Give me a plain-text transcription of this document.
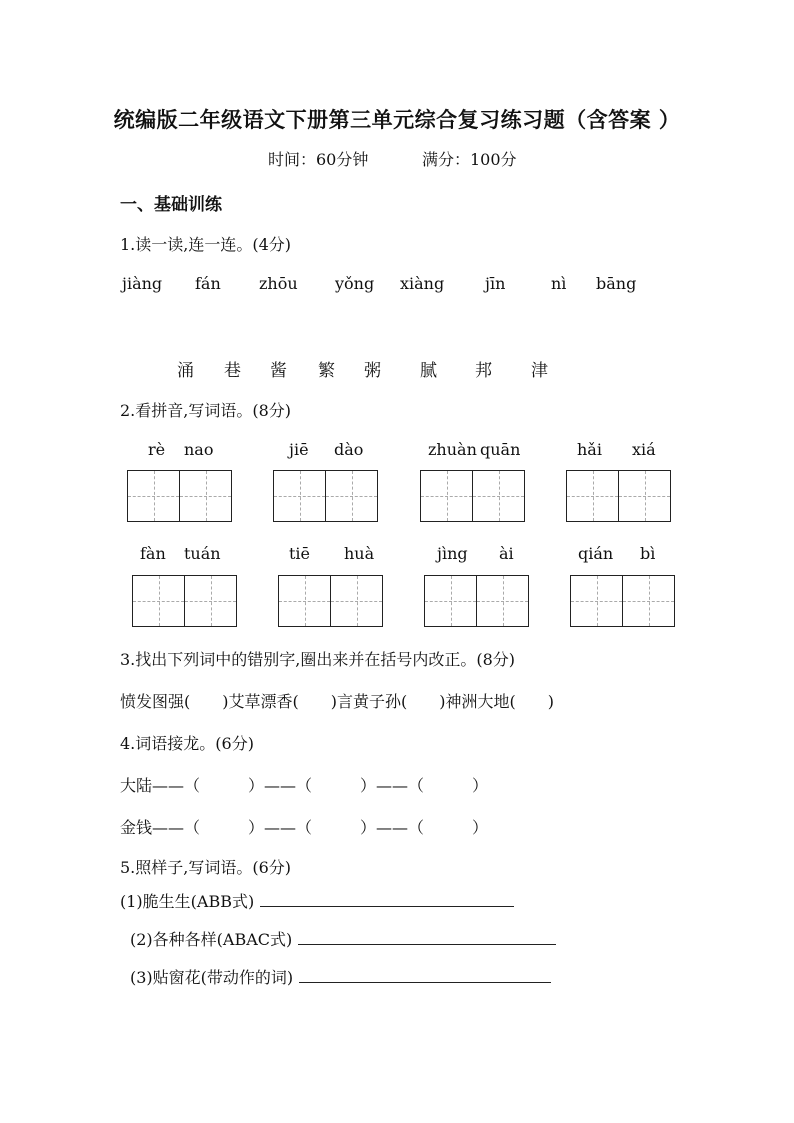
统编版二年级语文下册第三单元综合复习练习题（含答案 ）
时间：60分钟	满分：100分
一、基础训练
1.读一读,连一连。(4分)
jiàng fán zhōu yǒng xiàng	jīn	nì bāng
涌 巷 酱 繁 粥 腻 邦 津
2.看拼音,写词语。(8分)
rè nao	jiē dào	zhuàn quān	hǎi xiá
fàn tuán	tiē huà	jìng ài	qián bì
3.找出下列词中的错别字,圈出来并在括号内改正。(8分)
愤发图强(　　)艾草漂香(　　)言黄子孙(　　)神洲大地(　　)
4.词语接龙。(6分)
大陆——（　　　）——（　　　）——（　　　）
金钱——（　　　）——（　　　）——（　　　）
5.照样子,写词语。(6分)
(1)脆生生(ABB式)
(2)各种各样(ABAC式)
(3)贴窗花(带动作的词)
